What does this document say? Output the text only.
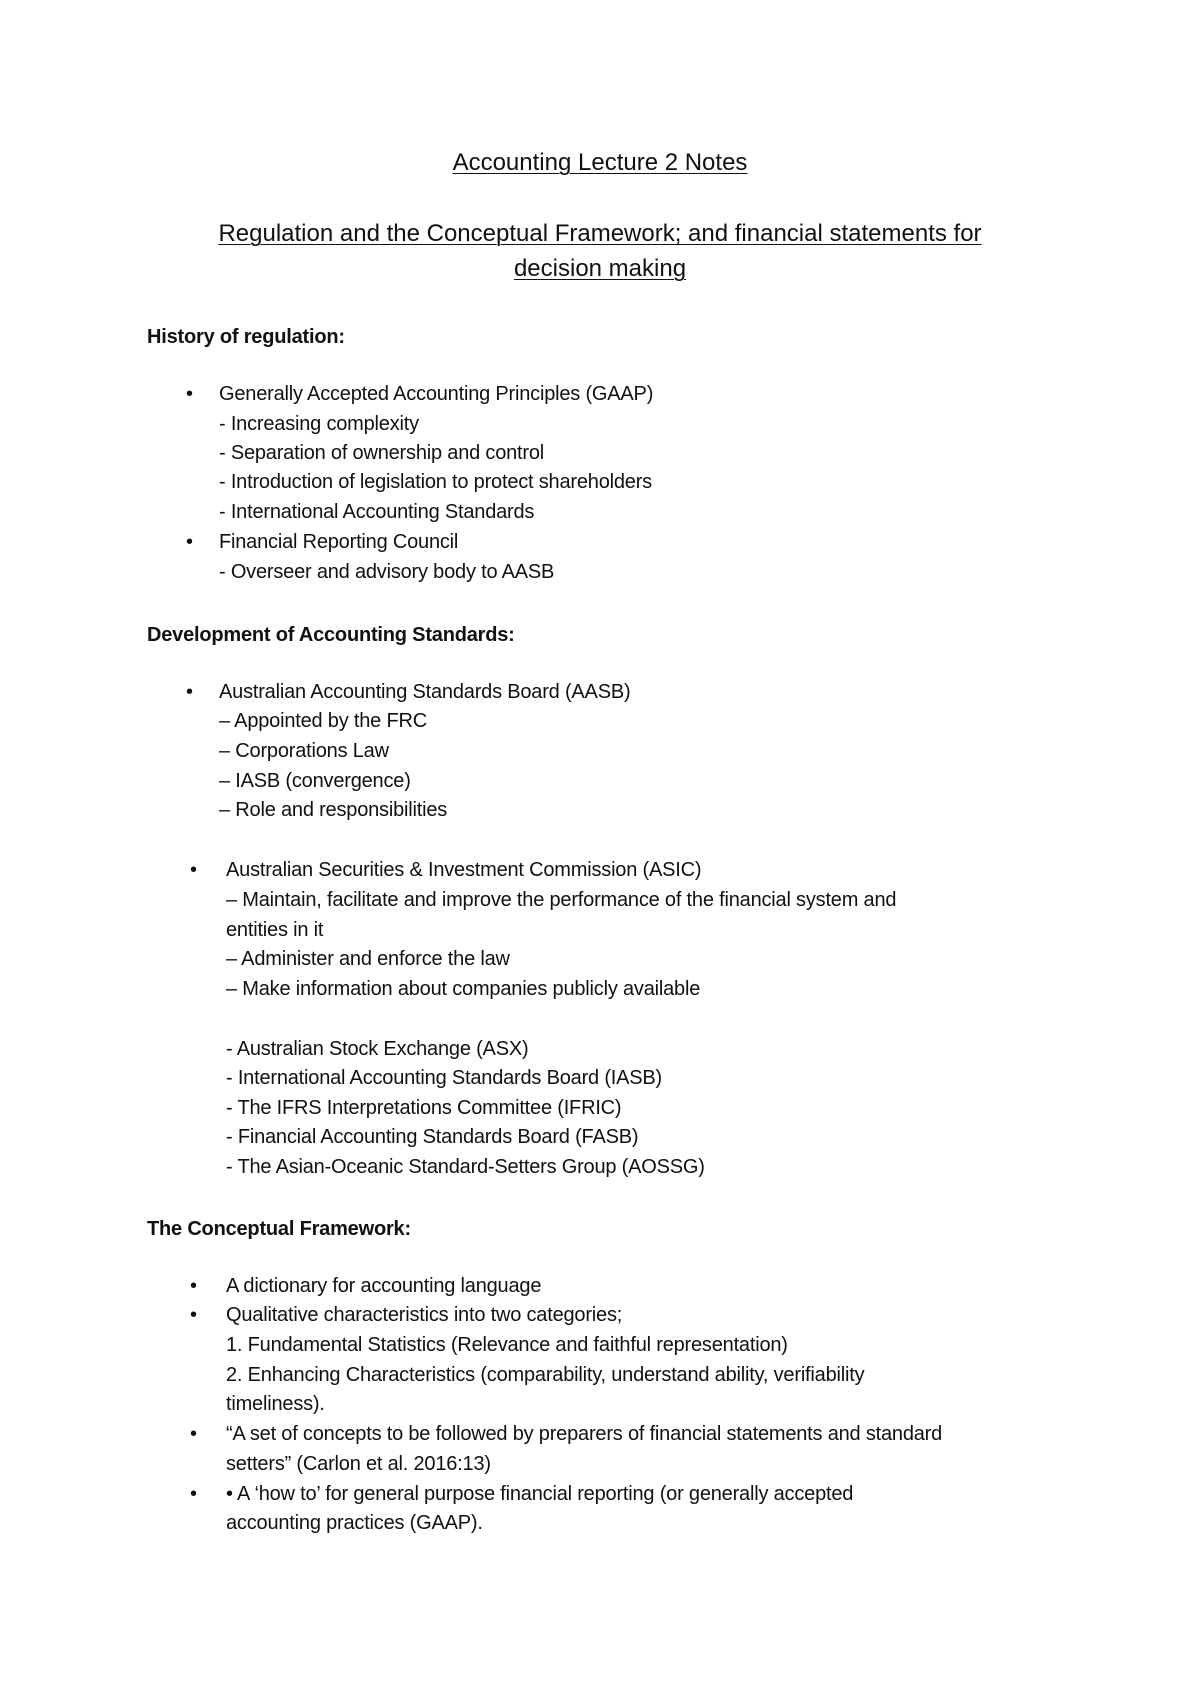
Accounting Lecture 2 Notes
Regulation and the Conceptual Framework; and financial statements for
decision making
History of regulation:
• Generally Accepted Accounting Principles (GAAP)
- Increasing complexity
- Separation of ownership and control
- Introduction of legislation to protect shareholders
- International Accounting Standards
• Financial Reporting Council
- Overseer and advisory body to AASB
Development of Accounting Standards:
• Australian Accounting Standards Board (AASB)
– Appointed by the FRC
– Corporations Law
– IASB (convergence)
– Role and responsibilities
• Australian Securities & Investment Commission (ASIC)
– Maintain, facilitate and improve the performance of the financial system and
entities in it
– Administer and enforce the law
– Make information about companies publicly available
- Australian Stock Exchange (ASX)
- International Accounting Standards Board (IASB)
- The IFRS Interpretations Committee (IFRIC)
- Financial Accounting Standards Board (FASB)
- The Asian-Oceanic Standard-Setters Group (AOSSG)
The Conceptual Framework:
• A dictionary for accounting language
• Qualitative characteristics into two categories;
1. Fundamental Statistics (Relevance and faithful representation)
2. Enhancing Characteristics (comparability, understand ability, verifiability
timeliness).
• “A set of concepts to be followed by preparers of financial statements and standard
setters” (Carlon et al. 2016:13)
• • A ‘how to’ for general purpose financial reporting (or generally accepted
accounting practices (GAAP).
